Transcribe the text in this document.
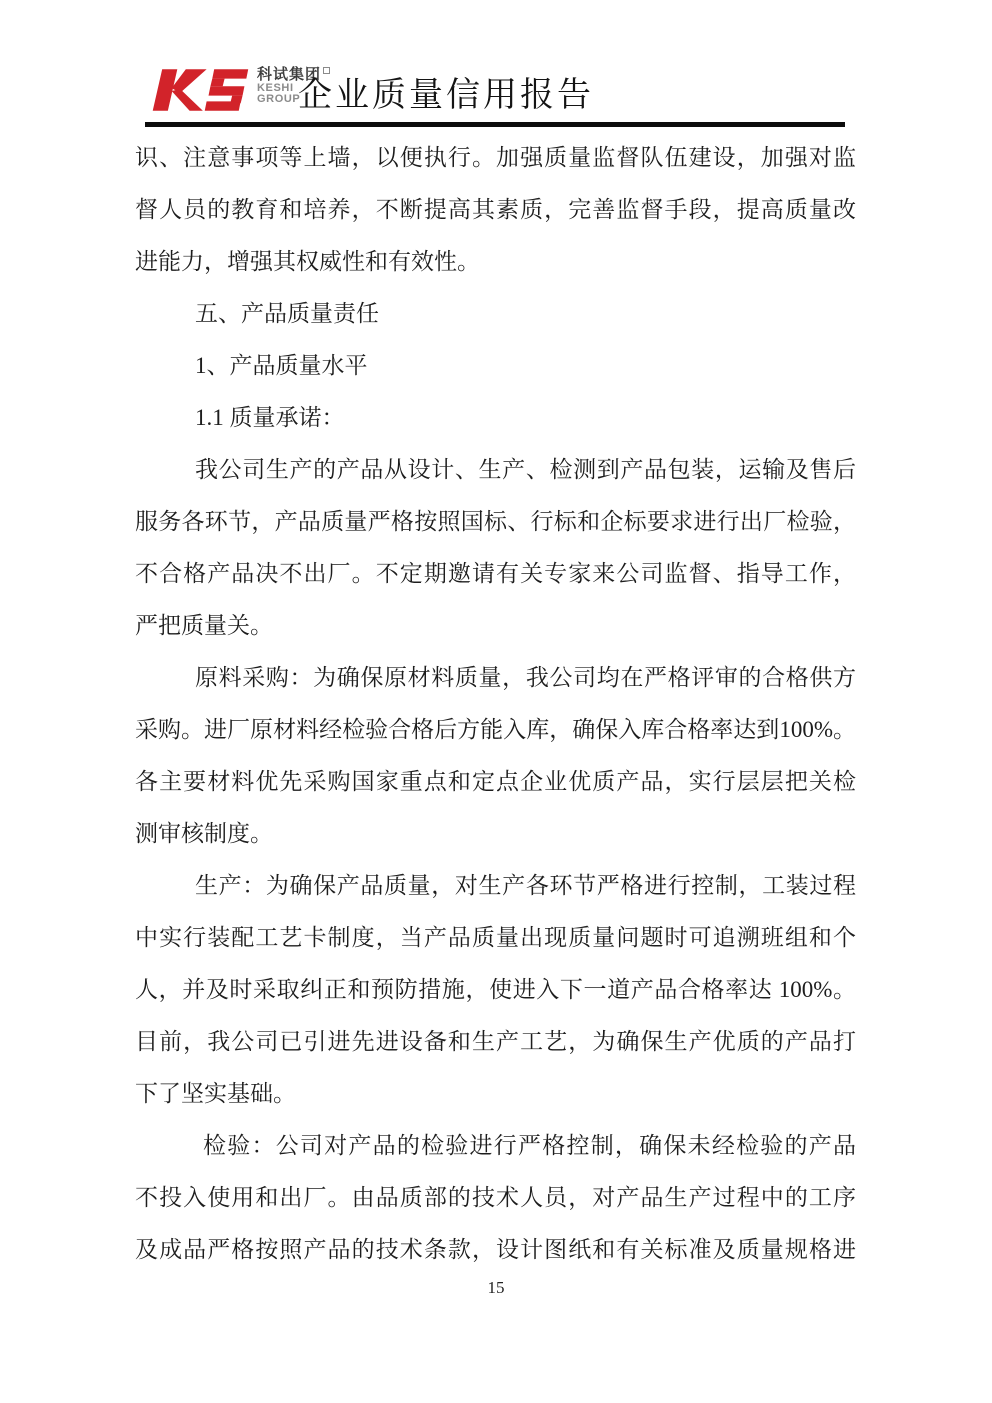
科试集团
KESHI
GROUP
企业质量信用报告
识、注意事项等上墙，以便执行。加强质量监督队伍建设，加强对监
督人员的教育和培养，不断提高其素质，完善监督手段，提高质量改
进能力，增强其权威性和有效性。
五、产品质量责任
1、产品质量水平
1.1 质量承诺：
我公司生产的产品从设计、生产、检测到产品包装，运输及售后
服务各环节，产品质量严格按照国标、行标和企标要求进行出厂检验，
不合格产品决不出厂。不定期邀请有关专家来公司监督、指导工作，
严把质量关。
原料采购：为确保原材料质量，我公司均在严格评审的合格供方
采购。进厂原材料经检验合格后方能入库，确保入库合格率达到100%。
各主要材料优先采购国家重点和定点企业优质产品，实行层层把关检
测审核制度。
生产：为确保产品质量，对生产各环节严格进行控制，工装过程
中实行装配工艺卡制度，当产品质量出现质量问题时可追溯班组和个
人，并及时采取纠正和预防措施，使进入下一道产品合格率达 100%。
目前，我公司已引进先进设备和生产工艺，为确保生产优质的产品打
下了坚实基础。
检验：公司对产品的检验进行严格控制，确保未经检验的产品
不投入使用和出厂。由品质部的技术人员，对产品生产过程中的工序
及成品严格按照产品的技术条款，设计图纸和有关标准及质量规格进
15
